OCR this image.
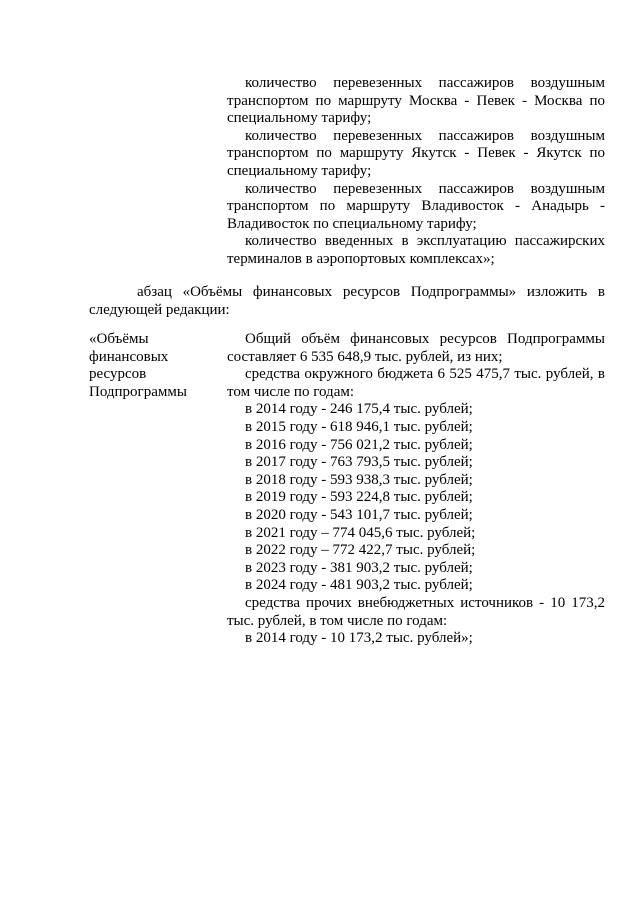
количество перевезенных пассажиров воздушным транспортом по маршруту Москва - Певек - Москва по специальному тарифу;

количество перевезенных пассажиров воздушным транспортом по маршруту Якутск - Певек - Якутск по специальному тарифу;

количество перевезенных пассажиров воздушным транспортом по маршруту Владивосток - Анадырь - Владивосток по специальному тарифу;

количество введенных в эксплуатацию пассажирских терминалов в аэропортовых комплексах»;

абзац «Объёмы финансовых ресурсов Подпрограммы» изложить в следующей редакции:

«Объёмы
финансовых
ресурсов
Подпрограммы

Общий объём финансовых ресурсов Подпрограммы составляет 6 535 648,9 тыс. рублей, из них;

средства окружного бюджета 6 525 475,7 тыс. рублей, в том числе по годам:

в 2014 году - 246 175,4 тыс. рублей;

в 2015 году - 618 946,1 тыс. рублей;

в 2016 году - 756 021,2 тыс. рублей;

в 2017 году - 763 793,5 тыс. рублей;

в 2018 году - 593 938,3 тыс. рублей;

в 2019 году - 593 224,8 тыс. рублей;

в 2020 году - 543 101,7 тыс. рублей;

в 2021 году – 774 045,6 тыс. рублей;

в 2022 году – 772 422,7 тыс. рублей;

в 2023 году - 381 903,2 тыс. рублей;

в 2024 году - 481 903,2 тыс. рублей;

средства прочих внебюджетных источников - 10 173,2 тыс. рублей, в том числе по годам:

в 2014 году - 10 173,2 тыс. рублей»;
